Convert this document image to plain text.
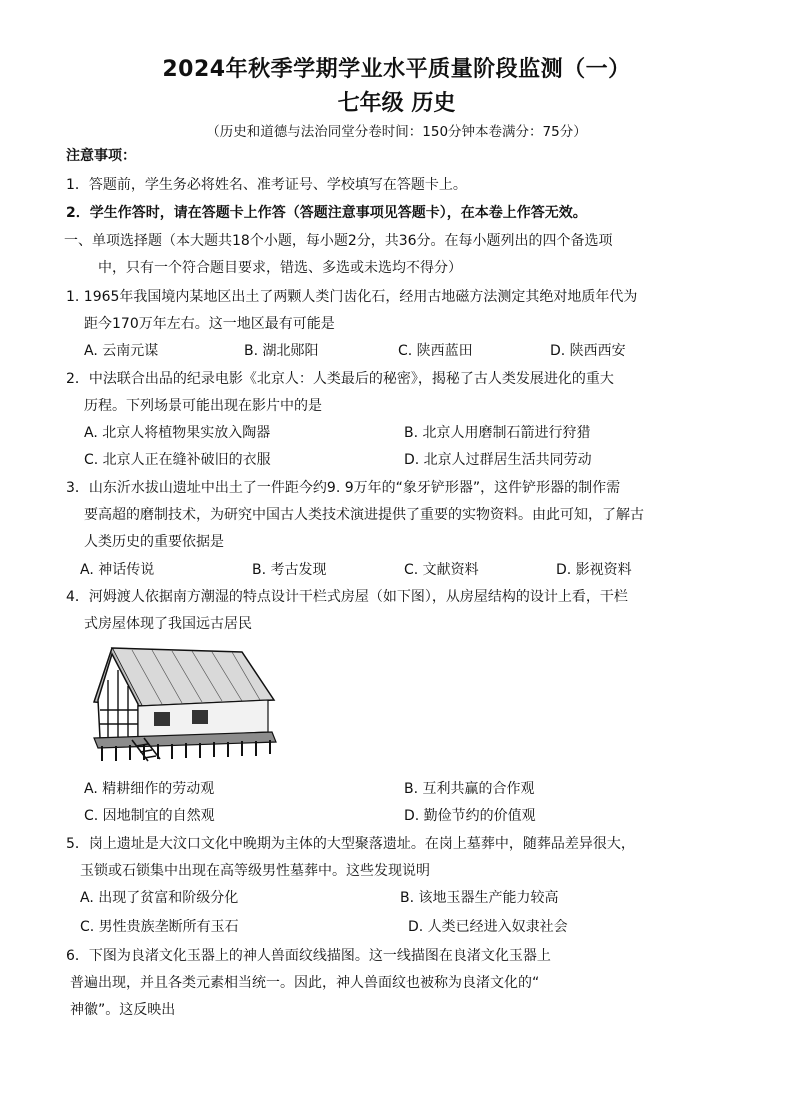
2024年秋季学期学业水平质量阶段监测（一）
七年级 历史
（历史和道德与法治同堂分卷时间：150分钟本卷满分：75分）
注意事项：
1．答题前，学生务必将姓名、准考证号、学校填写在答题卡上。
2．学生作答时，请在答题卡上作答（答题注意事项见答题卡），在本卷上作答无效。
一、单项选择题（本大题共18个小题，每小题2分，共36分。在每小题列出的四个备选项
中，只有一个符合题目要求，错选、多选或未选均不得分）
1. 1965年我国境内某地区出土了两颗人类门齿化石，经用古地磁方法测定其绝对地质年代为
距今170万年左右。这一地区最有可能是
A. 云南元谋	B. 湖北郧阳	C. 陕西蓝田	D. 陕西西安
2．中法联合出品的纪录电影《北京人：人类最后的秘密》，揭秘了古人类发展进化的重大
历程。下列场景可能出现在影片中的是
A. 北京人将植物果实放入陶器	B. 北京人用磨制石箭进行狩猎
C. 北京人正在缝补破旧的衣服	D. 北京人过群居生活共同劳动
3．山东沂水拔山遗址中出土了一件距今约9. 9万年的“象牙铲形器”，这件铲形器的制作需
要高超的磨制技术，为研究中国古人类技术演进提供了重要的实物资料。由此可知，了解古
人类历史的重要依据是
A. 神话传说	B. 考古发现	C. 文献资料	D. 影视资料
4．河姆渡人依据南方潮湿的特点设计干栏式房屋（如下图），从房屋结构的设计上看，干栏
式房屋体现了我国远古居民
A. 精耕细作的劳动观	B. 互利共赢的合作观
C. 因地制宜的自然观	D. 勤俭节约的价值观
5．岗上遗址是大汶口文化中晚期为主体的大型聚落遗址。在岗上墓葬中，随葬品差异很大，
玉锁或石锁集中出现在高等级男性墓葬中。这些发现说明
A. 出现了贫富和阶级分化	B. 该地玉器生产能力较高
C. 男性贵族垄断所有玉石	D. 人类已经进入奴隶社会
6．下图为良渚文化玉器上的神人兽面纹线描图。这一线描图在良渚文化玉器上
普遍出现，并且各类元素相当统一。因此，神人兽面纹也被称为良渚文化的“
神徽”。这反映出
